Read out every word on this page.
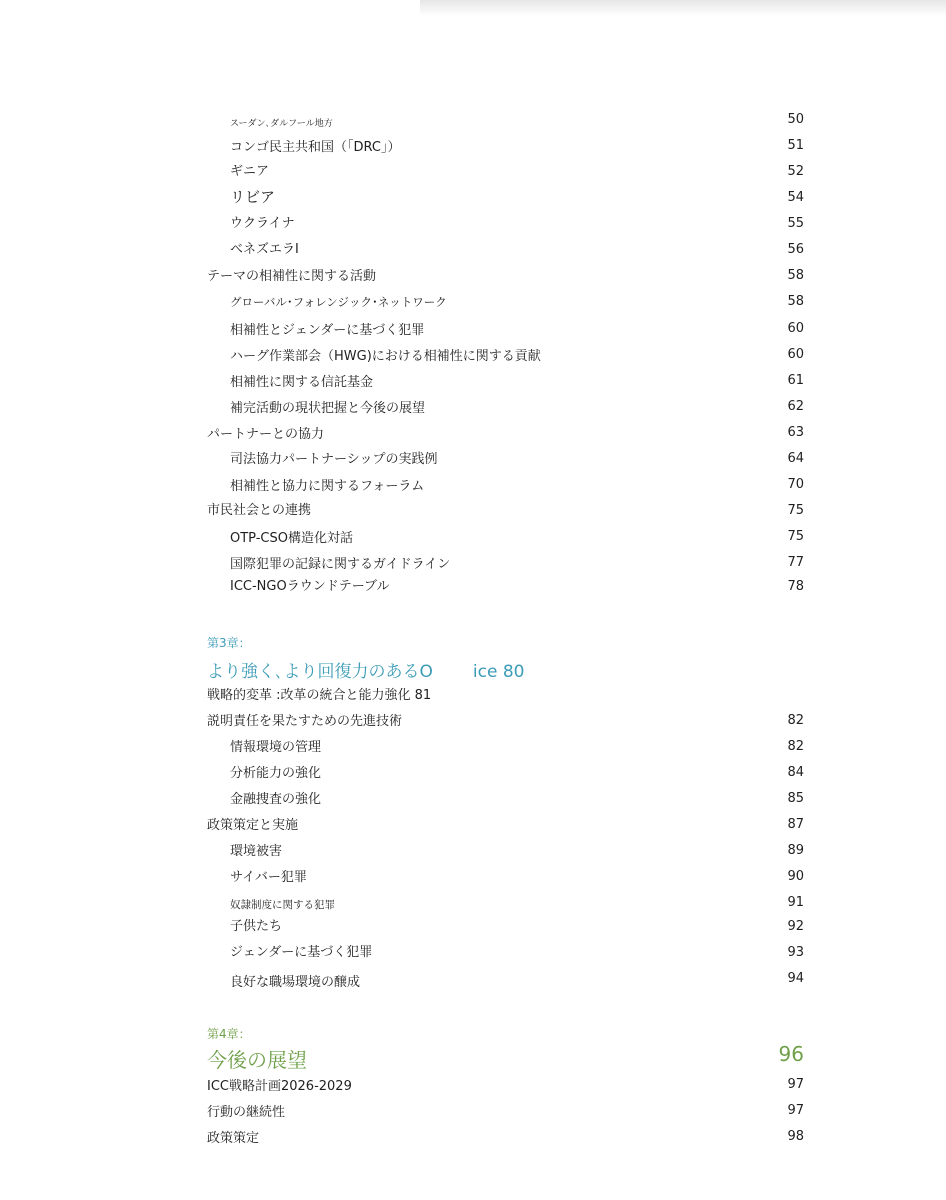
スーダン､ダルフール地方	50
コンゴ民主共和国（「DRC」）	51
ギニア	52
リビア	54
ウクライナ	55
ベネズエラI	56
テーマの相補性に関する活動	58
グローバル･フォレンジック･ネットワーク	58
相補性とジェンダーに基づく犯罪	60
ハーグ作業部会（HWG)における相補性に関する貢献	60
相補性に関する信託基金	61
補完活動の現状把握と今後の展望	62
パートナーとの協力	63
司法協力パートナーシップの実践例	64
相補性と協力に関するフォーラム	70
市民社会との連携	75
OTP-CSO構造化対話	75
国際犯罪の記録に関するガイドライン	77
ICC-NGOラウンドテーブル	78
第3章：
より強く､より回復力のあるO ice 80
戦略的変革 :改革の統合と能力強化 81
説明責任を果たすための先進技術	82
情報環境の管理	82
分析能力の強化	84
金融捜査の強化	85
政策策定と実施	87
環境被害	89
サイバー犯罪	90
奴隷制度に関する犯罪	91
子供たち	92
ジェンダーに基づく犯罪	93
良好な職場環境の醸成	94
第4章：
今後の展望	96
ICC戦略計画2026-2029	97
行動の継続性	97
政策策定	98
